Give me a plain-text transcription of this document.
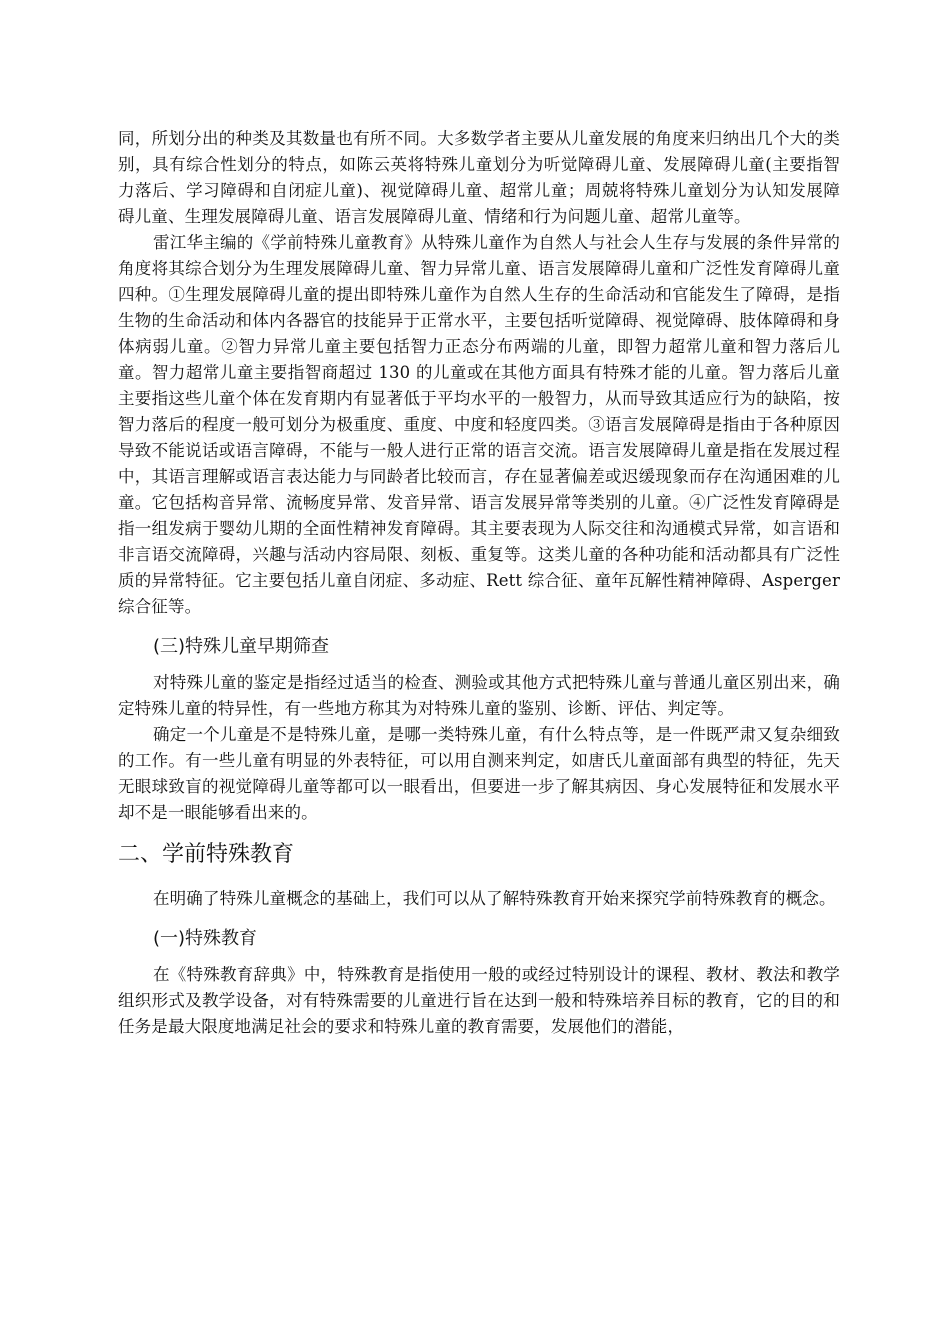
同，所划分出的种类及其数量也有所不同。大多数学者主要从儿童发展的角度来归纳出几个大的类别，具有综合性划分的特点，如陈云英将特殊儿童划分为听觉障碍儿童、发展障碍儿童(主要指智力落后、学习障碍和自闭症儿童)、视觉障碍儿童、超常儿童；周兢将特殊儿童划分为认知发展障碍儿童、生理发展障碍儿童、语言发展障碍儿童、情绪和行为问题儿童、超常儿童等。

雷江华主编的《学前特殊儿童教育》从特殊儿童作为自然人与社会人生存与发展的条件异常的角度将其综合划分为生理发展障碍儿童、智力异常儿童、语言发展障碍儿童和广泛性发育障碍儿童四种。①生理发展障碍儿童的提出即特殊儿童作为自然人生存的生命活动和官能发生了障碍，是指生物的生命活动和体内各器官的技能异于正常水平，主要包括听觉障碍、视觉障碍、肢体障碍和身体病弱儿童。②智力异常儿童主要包括智力正态分布两端的儿童，即智力超常儿童和智力落后儿童。智力超常儿童主要指智商超过 130 的儿童或在其他方面具有特殊才能的儿童。智力落后儿童主要指这些儿童个体在发育期内有显著低于平均水平的一般智力，从而导致其适应行为的缺陷，按智力落后的程度一般可划分为极重度、重度、中度和轻度四类。③语言发展障碍是指由于各种原因导致不能说话或语言障碍，不能与一般人进行正常的语言交流。语言发展障碍儿童是指在发展过程中，其语言理解或语言表达能力与同龄者比较而言，存在显著偏差或迟缓现象而存在沟通困难的儿童。它包括构音异常、流畅度异常、发音异常、语言发展异常等类别的儿童。④广泛性发育障碍是指一组发病于婴幼儿期的全面性精神发育障碍。其主要表现为人际交往和沟通模式异常，如言语和非言语交流障碍，兴趣与活动内容局限、刻板、重复等。这类儿童的各种功能和活动都具有广泛性质的异常特征。它主要包括儿童自闭症、多动症、Rett 综合征、童年瓦解性精神障碍、Asperger 综合征等。

(三)特殊儿童早期筛查

对特殊儿童的鉴定是指经过适当的检查、测验或其他方式把特殊儿童与普通儿童区别出来，确定特殊儿童的特异性，有一些地方称其为对特殊儿童的鉴别、诊断、评估、判定等。

确定一个儿童是不是特殊儿童，是哪一类特殊儿童，有什么特点等，是一件既严肃又复杂细致的工作。有一些儿童有明显的外表特征，可以用自测来判定，如唐氏儿童面部有典型的特征，先天无眼球致盲的视觉障碍儿童等都可以一眼看出，但要进一步了解其病因、身心发展特征和发展水平却不是一眼能够看出来的。

二、学前特殊教育

在明确了特殊儿童概念的基础上，我们可以从了解特殊教育开始来探究学前特殊教育的概念。

(一)特殊教育

在《特殊教育辞典》中，特殊教育是指使用一般的或经过特别设计的课程、教材、教法和教学组织形式及教学设备，对有特殊需要的儿童进行旨在达到一般和特殊培养目标的教育，它的目的和任务是最大限度地满足社会的要求和特殊儿童的教育需要，发展他们的潜能，
